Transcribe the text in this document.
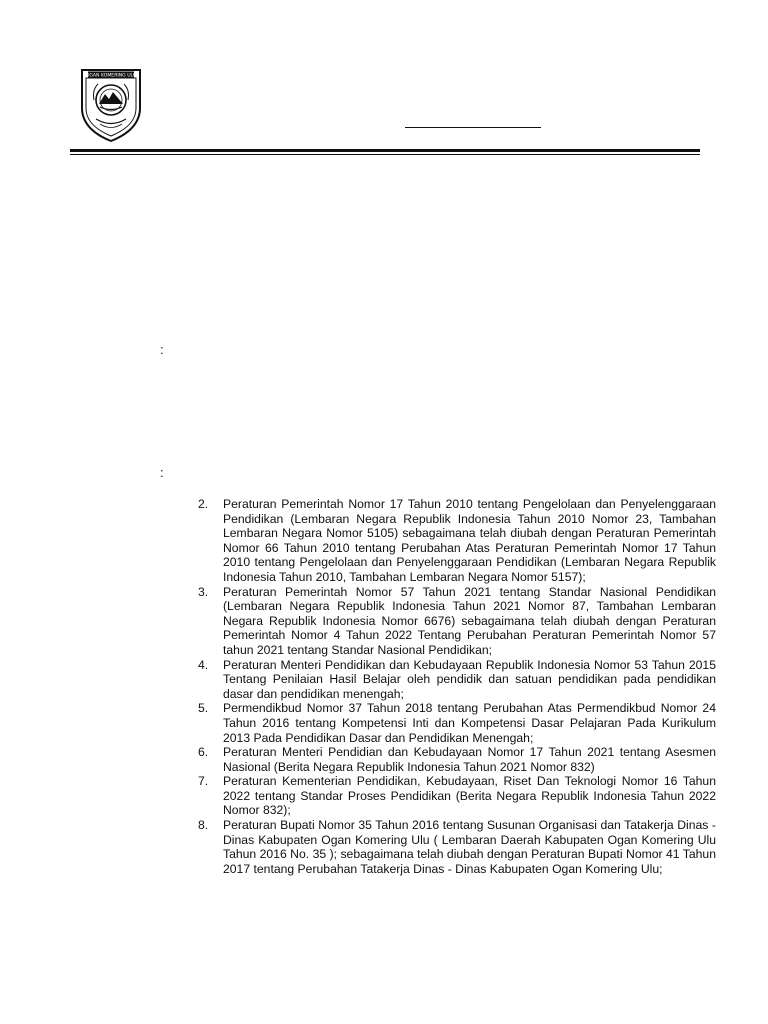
OGAN KOMERING ULU
:
:
2. Peraturan Pemerintah Nomor 17 Tahun 2010 tentang Pengelolaan dan Penyelenggaraan Pendidikan (Lembaran Negara Republik Indonesia Tahun 2010 Nomor 23, Tambahan Lembaran Negara Nomor 5105) sebagaimana telah diubah dengan Peraturan Pemerintah Nomor 66 Tahun 2010 tentang Perubahan Atas Peraturan Pemerintah Nomor 17 Tahun 2010 tentang Pengelolaan dan Penyelenggaraan Pendidikan (Lembaran Negara Republik Indonesia Tahun 2010, Tambahan Lembaran Negara Nomor 5157);
3. Peraturan Pemerintah Nomor 57 Tahun 2021 tentang Standar Nasional Pendidikan (Lembaran Negara Republik Indonesia Tahun 2021 Nomor 87, Tambahan Lembaran Negara Republik Indonesia Nomor 6676) sebagaimana telah diubah dengan Peraturan Pemerintah Nomor 4 Tahun 2022 Tentang Perubahan Peraturan Pemerintah Nomor 57 tahun 2021 tentang Standar Nasional Pendidikan;
4. Peraturan Menteri Pendidikan dan Kebudayaan Republik Indonesia Nomor 53 Tahun 2015 Tentang Penilaian Hasil Belajar oleh pendidik dan satuan pendidikan pada pendidikan dasar dan pendidikan menengah;
5. Permendikbud Nomor 37 Tahun 2018 tentang Perubahan Atas Permendikbud Nomor 24 Tahun 2016 tentang Kompetensi Inti dan Kompetensi Dasar Pelajaran Pada Kurikulum 2013 Pada Pendidikan Dasar dan Pendidikan Menengah;
6. Peraturan Menteri Pendidian dan Kebudayaan Nomor 17 Tahun 2021 tentang Asesmen Nasional (Berita Negara Republik Indonesia Tahun 2021 Nomor 832)
7. Peraturan Kementerian Pendidikan, Kebudayaan, Riset Dan Teknologi Nomor 16 Tahun 2022 tentang Standar Proses Pendidikan (Berita Negara Republik Indonesia Tahun 2022 Nomor 832);
8. Peraturan Bupati Nomor 35 Tahun 2016 tentang Susunan Organisasi dan Tatakerja Dinas - Dinas Kabupaten Ogan Komering Ulu ( Lembaran Daerah Kabupaten Ogan Komering Ulu Tahun 2016 No. 35 ); sebagaimana telah diubah dengan Peraturan Bupati Nomor 41 Tahun 2017 tentang Perubahan Tatakerja Dinas - Dinas Kabupaten Ogan Komering Ulu;
